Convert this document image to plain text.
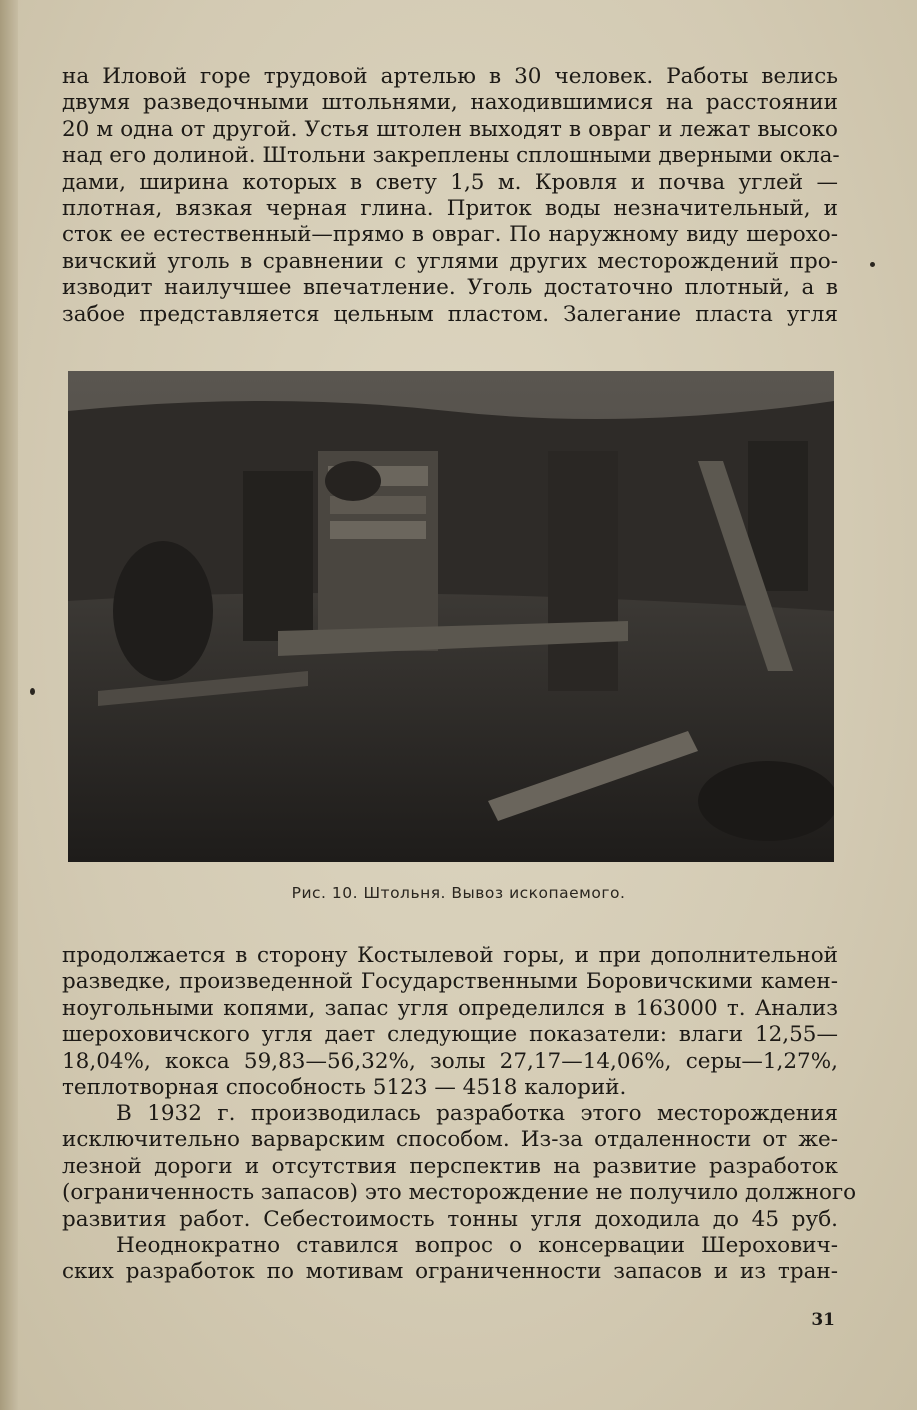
на Иловой горе трудовой артелью в 30 человек. Работы велись
двумя разведочными штольнями, находившимися на расстоянии
20 м одна от другой. Устья штолен выходят в овраг и лежат высоко
над его долиной. Штольни закреплены сплошными дверными окла-
дами, ширина которых в свету 1,5 м. Кровля и почва углей —
плотная, вязкая черная глина. Приток воды незначительный, и
сток ее естественный—прямо в овраг. По наружному виду шерохо-
вичский уголь в сравнении с углями других месторождений про-
изводит наилучшее впечатление. Уголь достаточно плотный, а в
забое представляется цельным пластом. Залегание пласта угля
Рис. 10. Штольня. Вывоз ископаемого.
продолжается в сторону Костылевой горы, и при дополнительной
разведке, произведенной Государственными Боровичскими камен-
ноугольными копями, запас угля определился в 163000 т. Анализ
шероховичского угля дает следующие показатели: влаги 12,55—
18,04%, кокса 59,83—56,32%, золы 27,17—14,06%, серы—1,27%,
теплотворная способность 5123 — 4518 калорий.
В 1932 г. производилась разработка этого месторождения
исключительно варварским способом. Из-за отдаленности от же-
лезной дороги и отсутствия перспектив на развитие разработок
(ограниченность запасов) это месторождение не получило должного
развития работ. Себестоимость тонны угля доходила до 45 руб.
Неоднократно ставился вопрос о консервации Шерохович-
ских разработок по мотивам ограниченности запасов и из тран-
31
